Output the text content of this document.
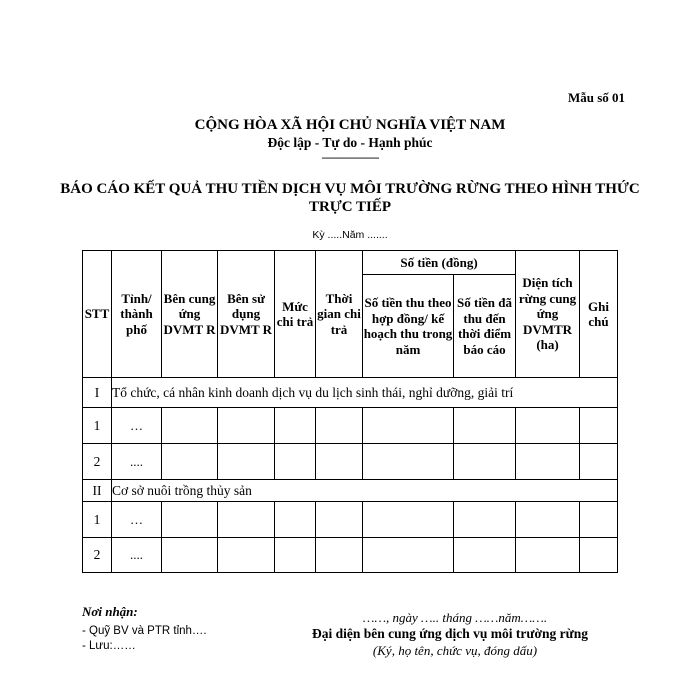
Mẫu số 01
CỘNG HÒA XÃ HỘI CHỦ NGHĨA VIỆT NAM
Độc lập - Tự do - Hạnh phúc
-------------------
BÁO CÁO KẾT QUẢ THU TIỀN DỊCH VỤ MÔI TRƯỜNG RỪNG THEO HÌNH THỨC TRỰC TIẾP
Kỳ .....Năm .......
STT	Tỉnh/ thành phố	Bên cung ứng DVMT R	Bên sử dụng DVMT R	Mức chi trả	Thời gian chi trả	Số tiền (đồng)		Diện tích rừng cung ứng DVMTR (ha)	Ghi chú
						Số tiền thu theo hợp đồng/ kế hoạch thu trong năm	Số tiền đã thu đến thời điểm báo cáo		
I	Tổ chức, cá nhân kinh doanh dịch vụ du lịch sinh thái, nghỉ dưỡng, giải trí								
1	…								
2	....								
II	Cơ sở nuôi trồng thủy sản								
1	…								
2	....								
Nơi nhận:
- Quỹ BV và PTR tỉnh….
- Lưu:……
……, ngày ….. tháng ……năm…….
Đại diện bên cung ứng dịch vụ môi trường rừng
(Ký, họ tên, chức vụ, đóng dấu)
